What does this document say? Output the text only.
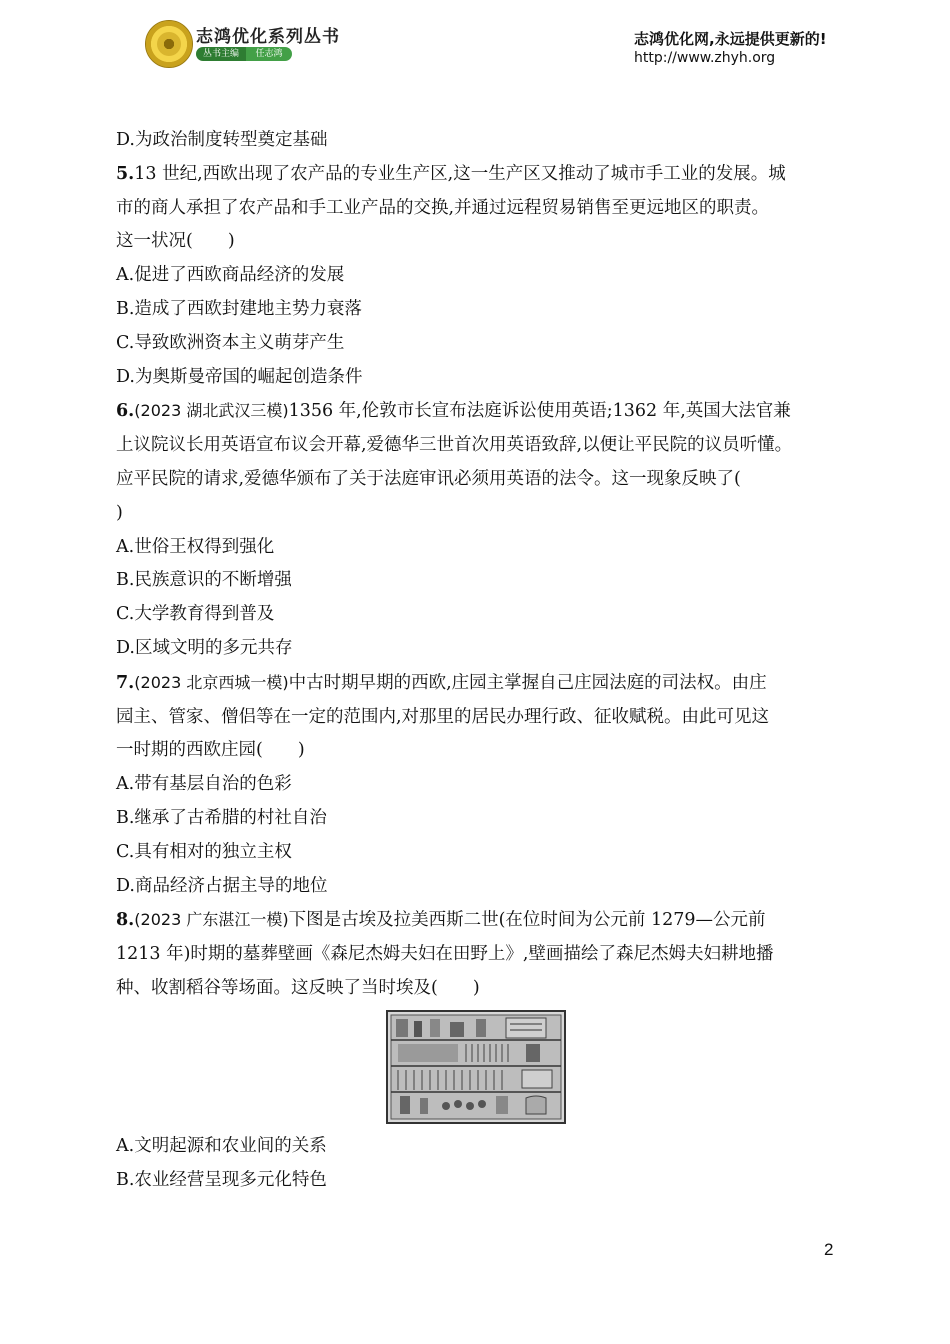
志鸿优化系列丛书
丛书主编	任志鸿
志鸿优化网,永远提供更新的!
http://www.zhyh.org

D.为政治制度转型奠定基础

5.13 世纪,西欧出现了农产品的专业生产区,这一生产区又推动了城市手工业的发展。城

市的商人承担了农产品和手工业产品的交换,并通过远程贸易销售至更远地区的职责。

这一状况(　　)

A.促进了西欧商品经济的发展

B.造成了西欧封建地主势力衰落

C.导致欧洲资本主义萌芽产生

D.为奥斯曼帝国的崛起创造条件

6.(2023 湖北武汉三模)1356 年,伦敦市长宣布法庭诉讼使用英语;1362 年,英国大法官兼

上议院议长用英语宣布议会开幕,爱德华三世首次用英语致辞,以便让平民院的议员听懂。

应平民院的请求,爱德华颁布了关于法庭审讯必须用英语的法令。这一现象反映了(

)

A.世俗王权得到强化

B.民族意识的不断增强

C.大学教育得到普及

D.区域文明的多元共存

7.(2023 北京西城一模)中古时期早期的西欧,庄园主掌握自己庄园法庭的司法权。由庄

园主、管家、僧侣等在一定的范围内,对那里的居民办理行政、征收赋税。由此可见这

一时期的西欧庄园(　　)

A.带有基层自治的色彩

B.继承了古希腊的村社自治

C.具有相对的独立主权

D.商品经济占据主导的地位

8.(2023 广东湛江一模)下图是古埃及拉美西斯二世(在位时间为公元前 1279—公元前

1213 年)时期的墓葬壁画《森尼杰姆夫妇在田野上》,壁画描绘了森尼杰姆夫妇耕地播

种、收割稻谷等场面。这反映了当时埃及(　　)

A.文明起源和农业间的关系

B.农业经营呈现多元化特色

2
